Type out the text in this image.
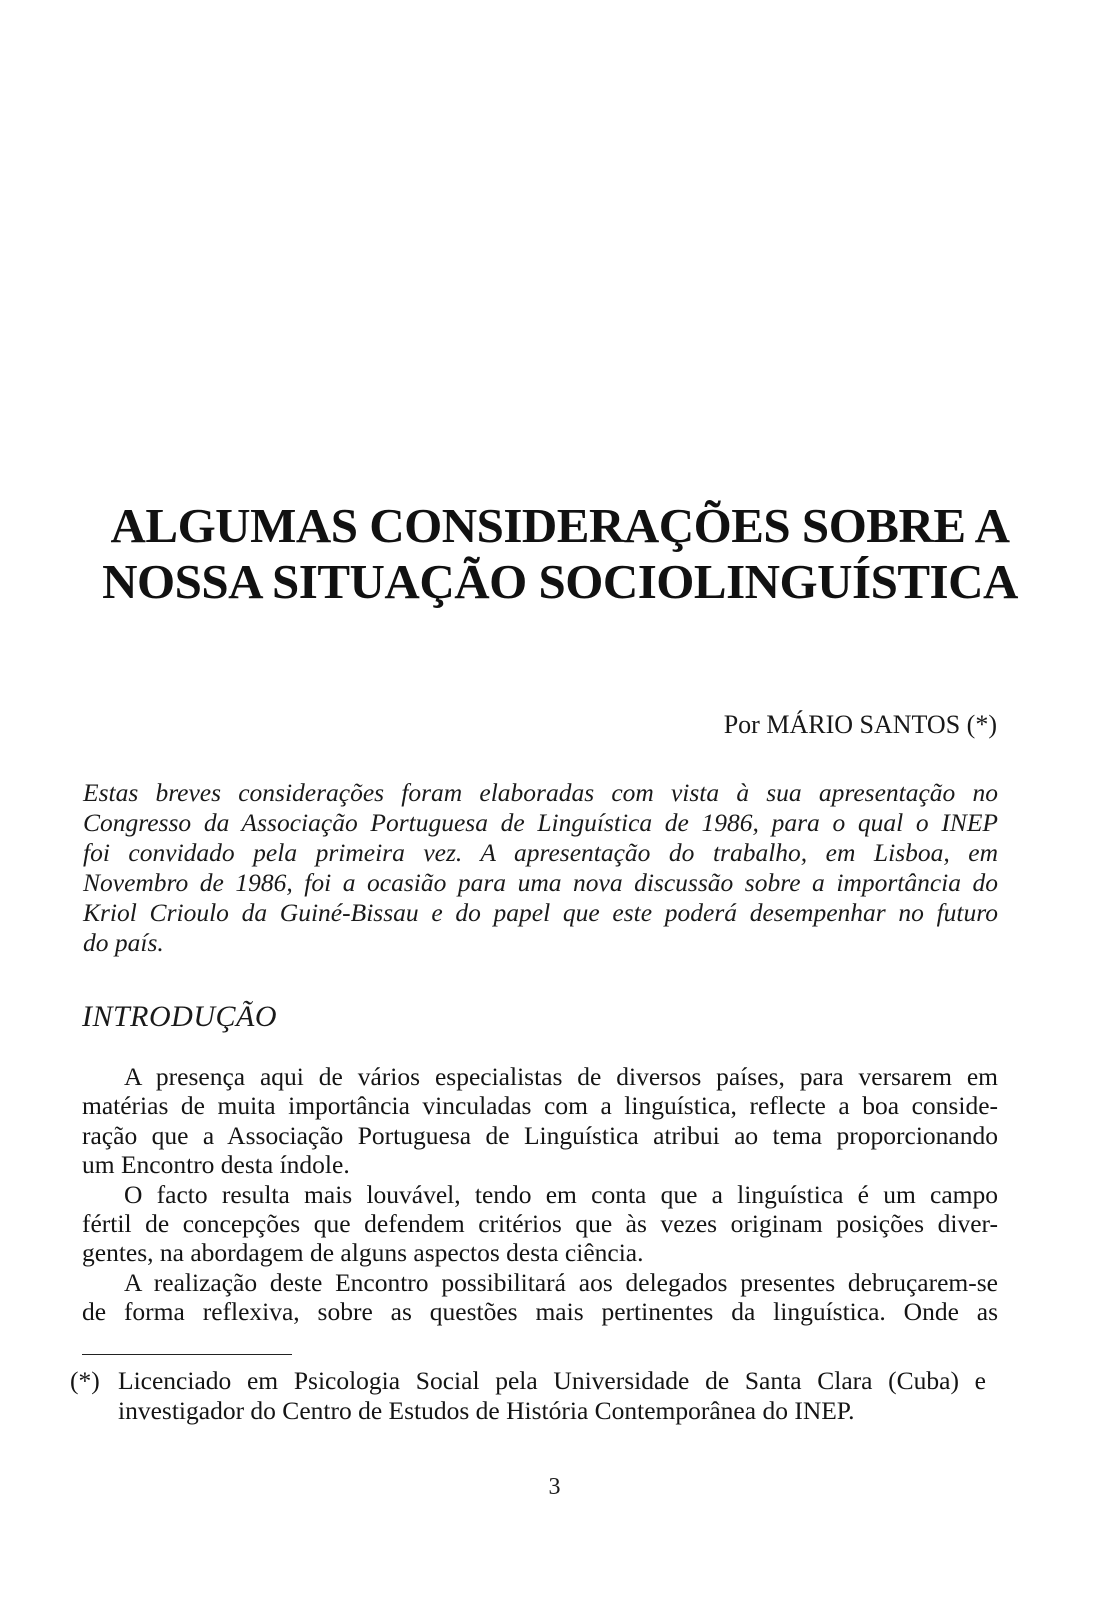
ALGUMAS CONSIDERAÇÕES SOBRE A
NOSSA SITUAÇÃO SOCIOLINGUÍSTICA
Por MÁRIO SANTOS (*)
Estas breves considerações foram elaboradas com vista à sua apresentação no
Congresso da Associação Portuguesa de Linguística de 1986, para o qual o INEP
foi convidado pela primeira vez. A apresentação do trabalho, em Lisboa, em
Novembro de 1986, foi a ocasião para uma nova discussão sobre a importância do
Kriol Crioulo da Guiné-Bissau e do papel que este poderá desempenhar no futuro
do país.
INTRODUÇÃO
A presença aqui de vários especialistas de diversos países, para versarem em
matérias de muita importância vinculadas com a linguística, reflecte a boa conside-
ração que a Associação Portuguesa de Linguística atribui ao tema proporcionando
um Encontro desta índole.
O facto resulta mais louvável, tendo em conta que a linguística é um campo
fértil de concepções que defendem critérios que às vezes originam posições diver-
gentes, na abordagem de alguns aspectos desta ciência.
A realização deste Encontro possibilitará aos delegados presentes debruçarem-se
de forma reflexiva, sobre as questões mais pertinentes da linguística. Onde as
(*) Licenciado em Psicologia Social pela Universidade de Santa Clara (Cuba) e
investigador do Centro de Estudos de História Contemporânea do INEP.
3
